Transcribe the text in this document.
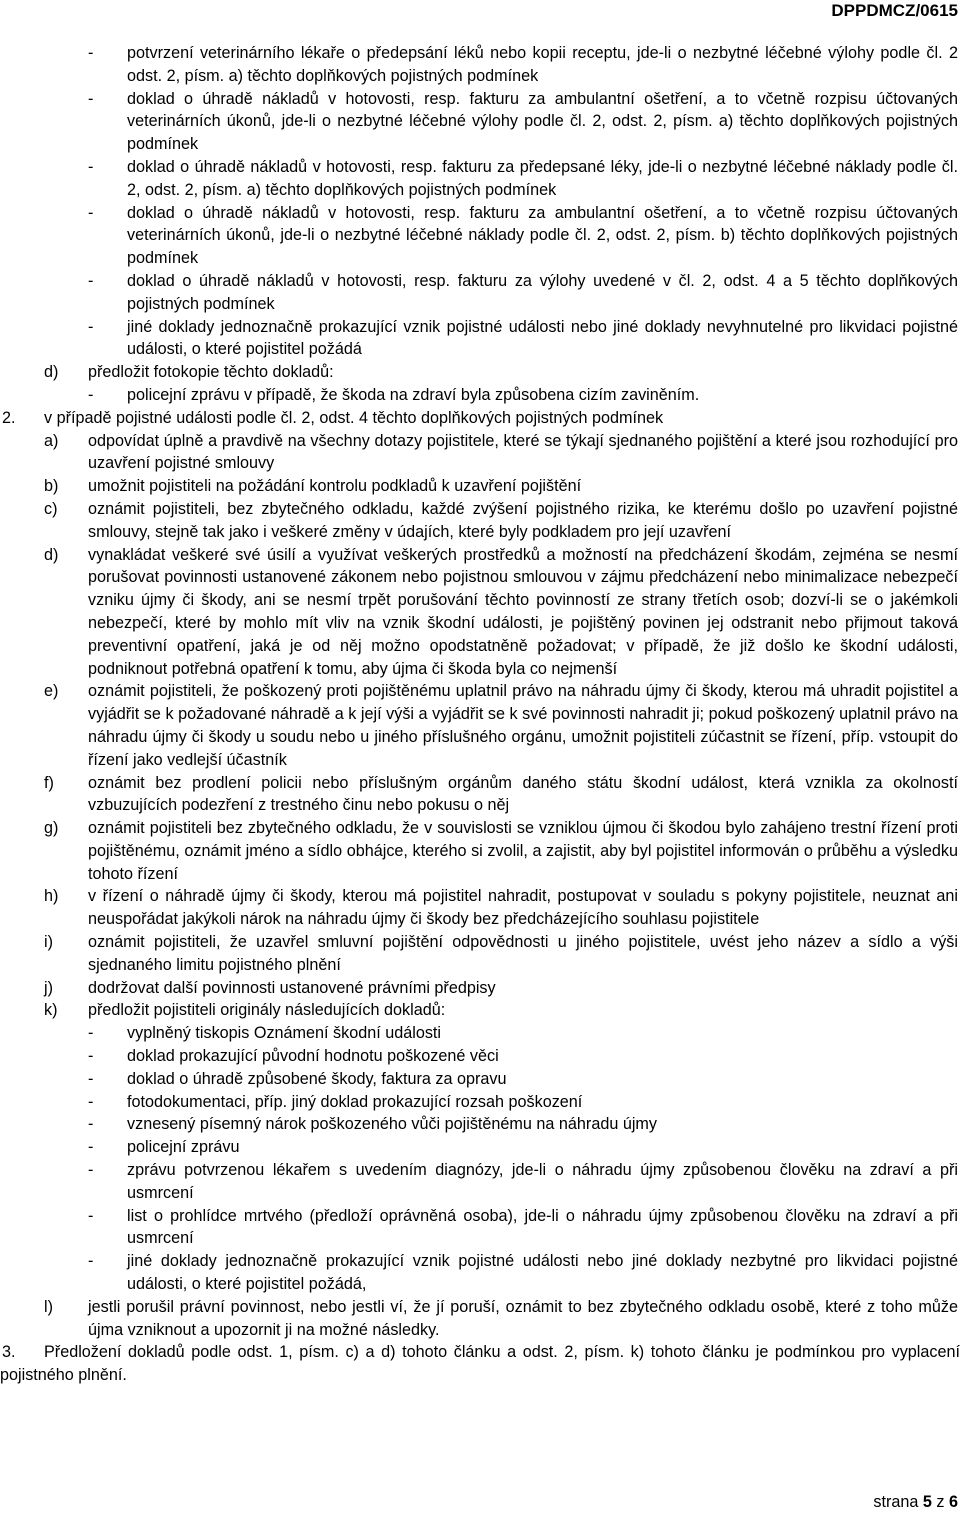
DPPDMCZ/0615
- potvrzení veterinárního lékaře o předepsání léků nebo kopii receptu, jde-li o nezbytné léčebné výlohy podle čl. 2 odst. 2, písm. a) těchto doplňkových pojistných podmínek
- doklad o úhradě nákladů v hotovosti, resp. fakturu za ambulantní ošetření, a to včetně rozpisu účtovaných veterinárních úkonů, jde-li o nezbytné léčebné výlohy podle čl. 2, odst. 2, písm. a) těchto doplňkových pojistných podmínek
- doklad o úhradě nákladů v hotovosti, resp. fakturu za předepsané léky, jde-li o nezbytné léčebné náklady podle čl. 2, odst. 2, písm. a) těchto doplňkových pojistných podmínek
- doklad o úhradě nákladů v hotovosti, resp. fakturu za ambulantní ošetření, a to včetně rozpisu účtovaných veterinárních úkonů, jde-li o nezbytné léčebné náklady podle čl. 2, odst. 2, písm. b) těchto doplňkových pojistných podmínek
- doklad o úhradě nákladů v hotovosti, resp. fakturu za výlohy uvedené v čl. 2, odst. 4 a 5 těchto doplňkových pojistných podmínek
- jiné doklady jednoznačně prokazující vznik pojistné události nebo jiné doklady nevyhnutelné pro likvidaci pojistné události, o které pojistitel požádá
d) předložit fotokopie těchto dokladů:
- policejní zprávu v případě, že škoda na zdraví byla způsobena cizím zaviněním.
2. v případě pojistné události podle čl. 2, odst. 4 těchto doplňkových pojistných podmínek
a) odpovídat úplně a pravdivě na všechny dotazy pojistitele, které se týkají sjednaného pojištění a které jsou rozhodující pro uzavření pojistné smlouvy
b) umožnit pojistiteli na požádání kontrolu podkladů k uzavření pojištění
c) oznámit pojistiteli, bez zbytečného odkladu, každé zvýšení pojistného rizika, ke kterému došlo po uzavření pojistné smlouvy, stejně tak jako i veškeré změny v údajích, které byly podkladem pro její uzavření
d) vynakládat veškeré své úsilí a využívat veškerých prostředků a možností na předcházení škodám, zejména se nesmí porušovat povinnosti ustanovené zákonem nebo pojistnou smlouvou v zájmu předcházení nebo minimalizace nebezpečí vzniku újmy či škody, ani se nesmí trpět porušování těchto povinností ze strany třetích osob; dozví-li se o jakémkoli nebezpečí, které by mohlo mít vliv na vznik škodní události, je pojištěný povinen jej odstranit nebo přijmout taková preventivní opatření, jaká je od něj možno opodstatněně požadovat; v případě, že již došlo ke škodní události, podniknout potřebná opatření k tomu, aby újma či škoda byla co nejmenší
e) oznámit pojistiteli, že poškozený proti pojištěnému uplatnil právo na náhradu újmy či škody, kterou má uhradit pojistitel a vyjádřit se k požadované náhradě a k její výši a vyjádřit se k své povinnosti nahradit ji; pokud poškozený uplatnil právo na náhradu újmy či škody u soudu nebo u jiného příslušného orgánu, umožnit pojistiteli zúčastnit se řízení, příp. vstoupit do řízení jako vedlejší účastník
f) oznámit bez prodlení policii nebo příslušným orgánům daného státu škodní událost, která vznikla za okolností vzbuzujících podezření z trestného činu nebo pokusu o něj
g) oznámit pojistiteli bez zbytečného odkladu, že v souvislosti se vzniklou újmou či škodou bylo zahájeno trestní řízení proti pojištěnému, oznámit jméno a sídlo obhájce, kterého si zvolil, a zajistit, aby byl pojistitel informován o průběhu a výsledku tohoto řízení
h) v řízení o náhradě újmy či škody, kterou má pojistitel nahradit, postupovat v souladu s pokyny pojistitele, neuznat ani neuspořádat jakýkoli nárok na náhradu újmy či škody bez předcházejícího souhlasu pojistitele
i) oznámit pojistiteli, že uzavřel smluvní pojištění odpovědnosti u jiného pojistitele, uvést jeho název a sídlo a výši sjednaného limitu pojistného plnění
j) dodržovat další povinnosti ustanovené právními předpisy
k) předložit pojistiteli originály následujících dokladů:
- vyplněný tiskopis Oznámení škodní události
- doklad prokazující původní hodnotu poškozené věci
- doklad o úhradě způsobené škody, faktura za opravu
- fotodokumentaci, příp. jiný doklad prokazující rozsah poškození
- vznesený písemný nárok poškozeného vůči pojištěnému na náhradu újmy
- policejní zprávu
- zprávu potvrzenou lékařem s uvedením diagnózy, jde-li o náhradu újmy způsobenou člověku na zdraví a při usmrcení
- list o prohlídce mrtvého (předloží oprávněná osoba), jde-li o náhradu újmy způsobenou člověku na zdraví a při usmrcení
- jiné doklady jednoznačně prokazující vznik pojistné události nebo jiné doklady nezbytné pro likvidaci pojistné události, o které pojistitel požádá,
l) jestli porušil právní povinnost, nebo jestli ví, že jí poruší, oznámit to bez zbytečného odkladu osobě, které z toho může újma vzniknout a upozornit ji na možné následky.
3.	Předložení dokladů podle odst. 1, písm. c) a d) tohoto článku a odst. 2, písm. k) tohoto článku je podmínkou pro vyplacení pojistného plnění.
strana 5 z 6
